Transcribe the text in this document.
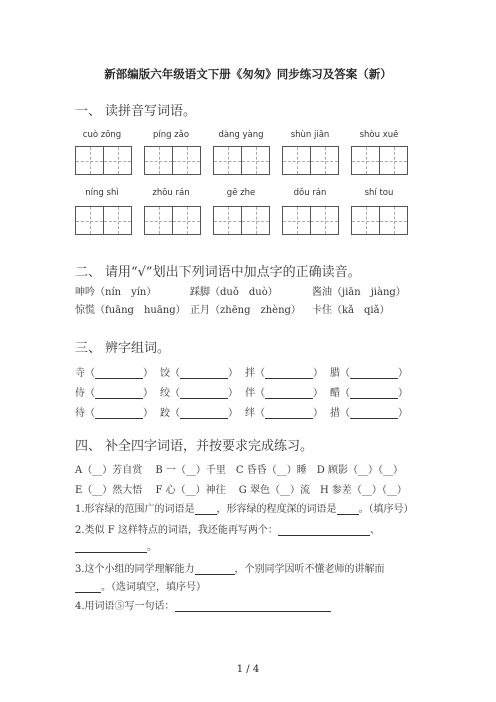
新部编版六年级语文下册《匆匆》同步练习及答案（新）
一、 读拼音写词语。
cuò zōng	píng zǎo	dàng yàng	shùn jiān	shòu xuē
níng shì	zhōu rán	gē zhe	dǒu rán	shí tou
二、 请用“√”划出下列词语中加点字的正确读音。
呻吟（nín　yín）	踩脚（duǒ　duò）	酱油（jiān　jiàng）
惊慌（fuāng　huāng） 正月（zhēng　zhèng） 卡住（kǎ　qiǎ）
三、 辨字组词。
寺（	） 饺（	） 拌（	） 腊（	）
侍（	） 绞（	） 伴（	） 醋（	）
待（	） 跤（	） 绊（	） 措（	）
四、 补全四字词语，并按要求完成练习。
A（__）芳自赏　 B 一（__）千里　C 昏昏（__）睡　D 顾影（__）（__）
E（__）然大悟　 F 心（__）神往　 G 翠色（__）流　H 参差（__）（__）
1.形容绿的范围广的词语是 ，形容绿的程度深的词语是 。（填序号）
2.类似 F 这样特点的词语，我还能再写两个：	、
。
3.这个小组的同学理解能力	，个别同学因听不懂老师的讲解而
。（选词填空，填序号）
4.用词语⑤写一句话：
1 / 4
